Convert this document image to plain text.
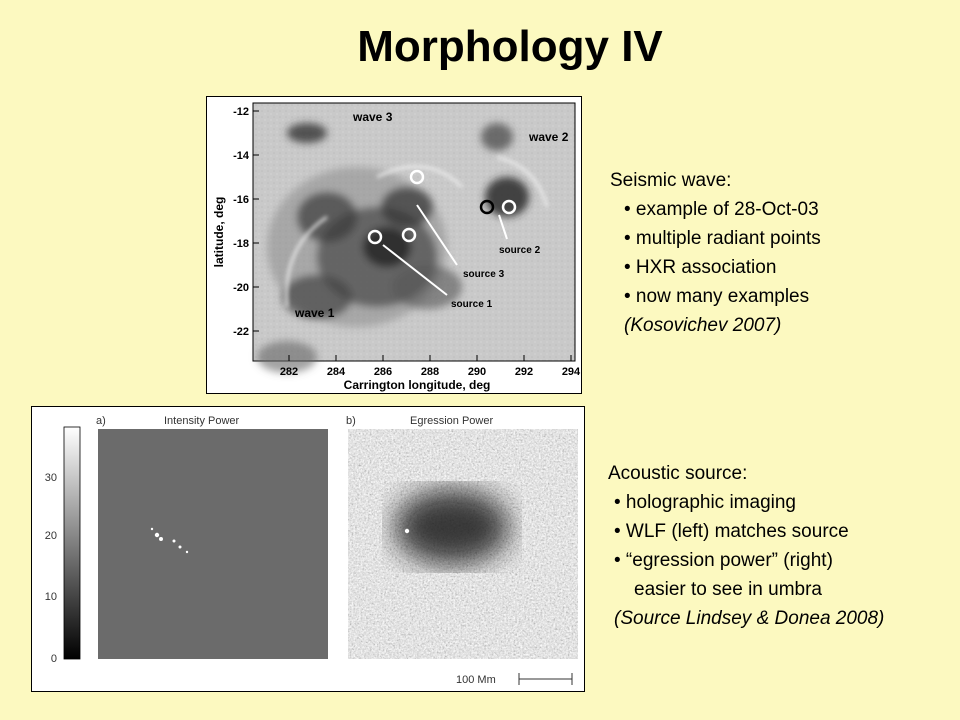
Morphology IV
-12
-14
-16
-18
-20
-22
282	284	286	288	290	292	294
Carrington longitude, deg
latitude, deg
wave 3
wave 2
wave 1
source 1
source 2
source 3
30
20
10
0
a)	Intensity Power	b)	Egression Power
100 Mm
Seismic wave:
• example of 28-Oct-03
• multiple radiant points
• HXR association
• now many examples
(Kosovichev 2007)
Acoustic source:
• holographic imaging
• WLF (left) matches source
• “egression power” (right)
easier to see in umbra
(Source Lindsey & Donea 2008)
